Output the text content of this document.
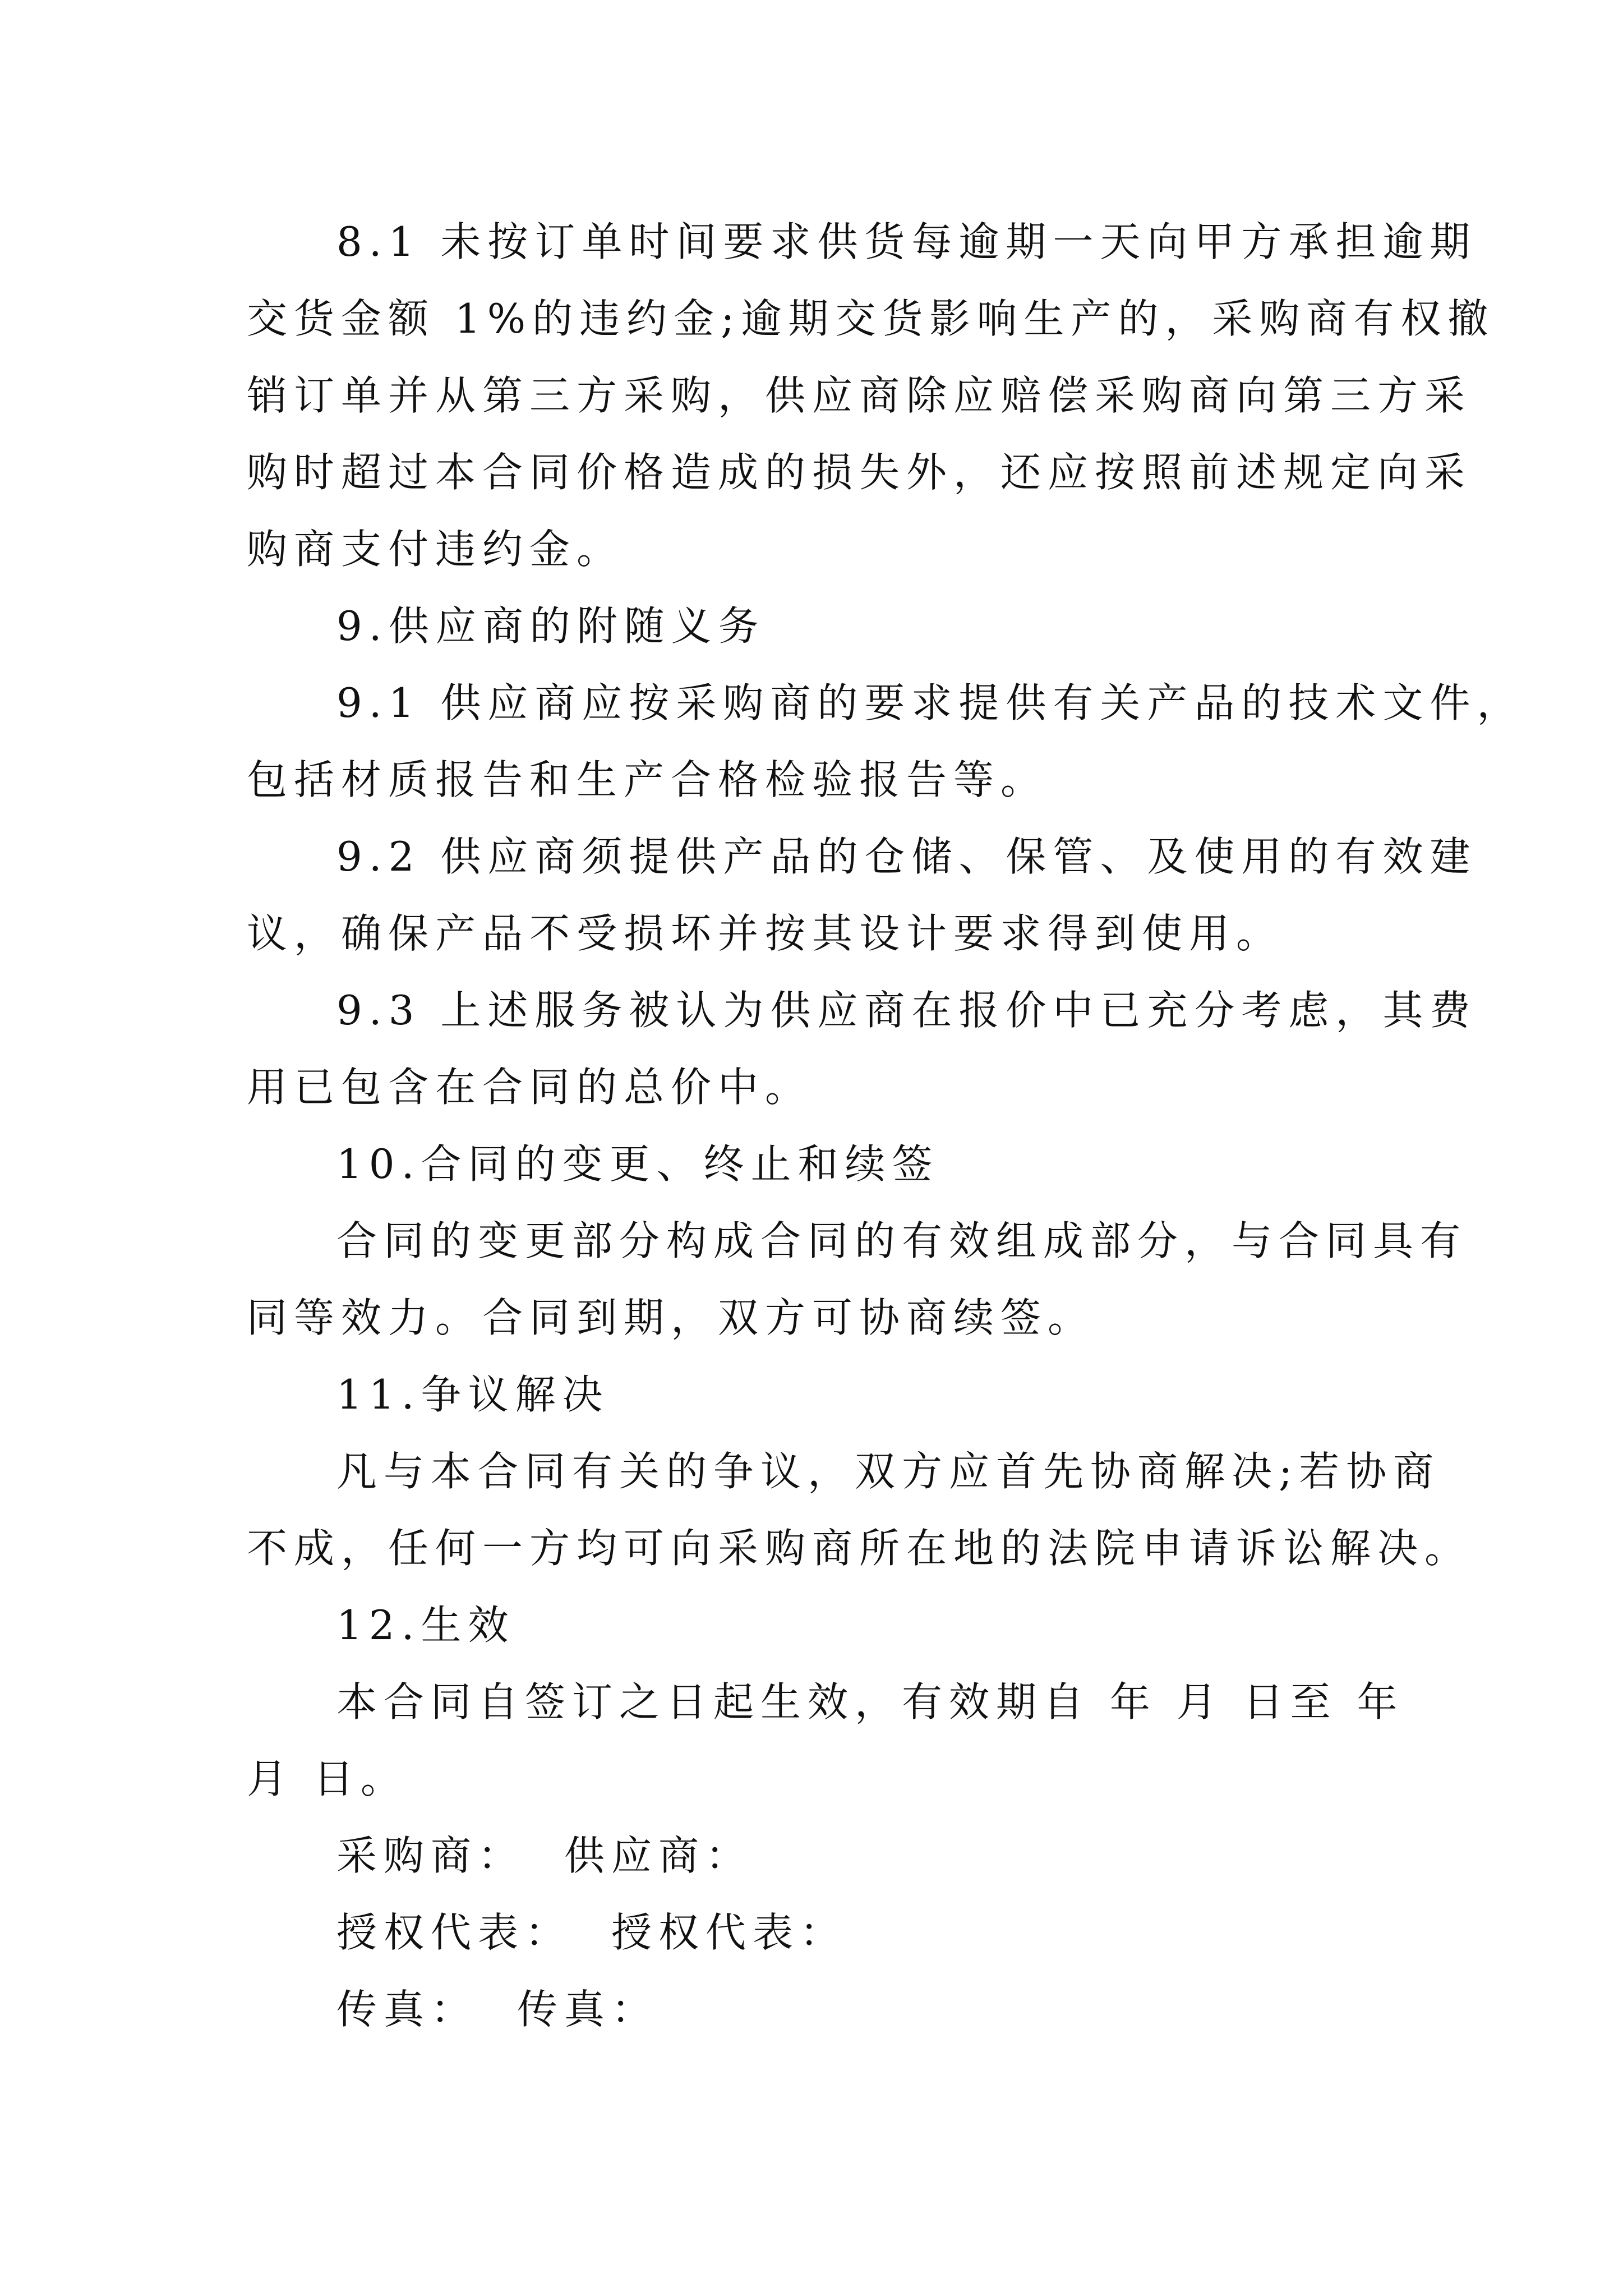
8.1 未按订单时间要求供货每逾期一天向甲方承担逾期
交货金额 1%的违约金;逾期交货影响生产的，采购商有权撤
销订单并从第三方采购，供应商除应赔偿采购商向第三方采
购时超过本合同价格造成的损失外，还应按照前述规定向采
购商支付违约金。
9.供应商的附随义务
9.1 供应商应按采购商的要求提供有关产品的技术文件，
包括材质报告和生产合格检验报告等。
9.2 供应商须提供产品的仓储、保管、及使用的有效建
议，确保产品不受损坏并按其设计要求得到使用。
9.3 上述服务被认为供应商在报价中已充分考虑，其费
用已包含在合同的总价中。
10.合同的变更、终止和续签
合同的变更部分构成合同的有效组成部分，与合同具有
同等效力。合同到期，双方可协商续签。
11.争议解决
凡与本合同有关的争议，双方应首先协商解决;若协商
不成，任何一方均可向采购商所在地的法院申请诉讼解决。
12.生效
本合同自签订之日起生效，有效期自 年 月 日至 年
月 日。
采购商： 供应商：
授权代表： 授权代表：
传真： 传真：
